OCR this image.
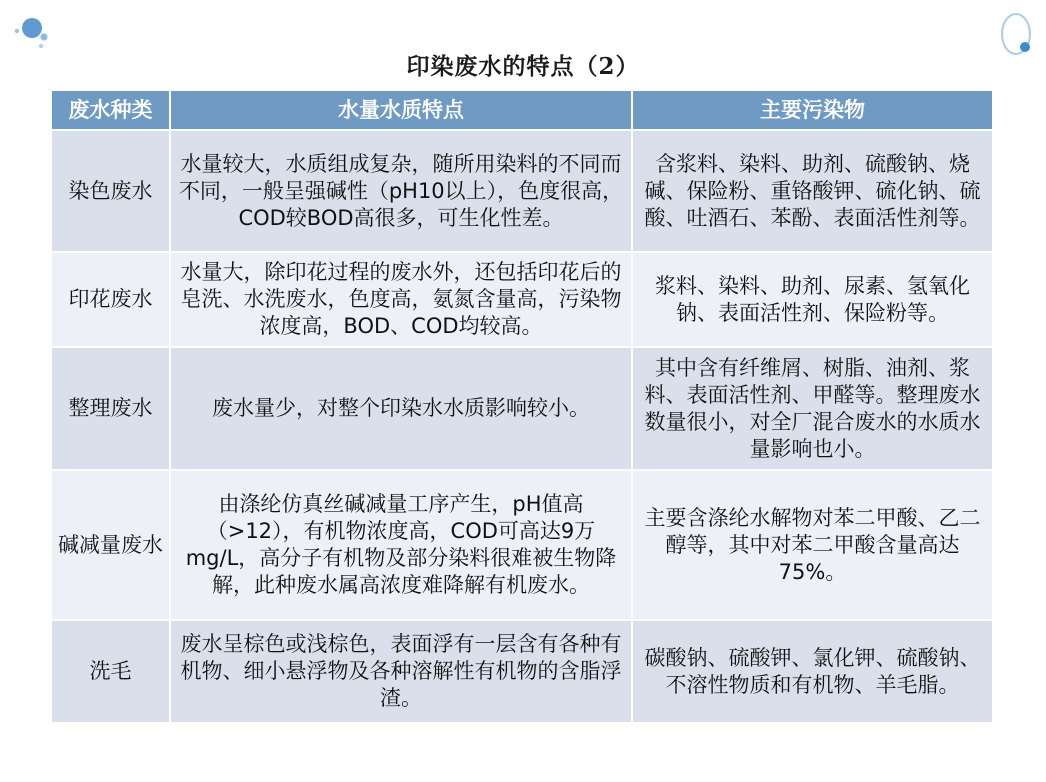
印染废水的特点（2）
废水种类	水量水质特点	主要污染物
染色废水	水量较大，水质组成复杂，随所用染料的不同而不同，一般呈强碱性（pH10以上），色度很高，COD较BOD高很多，可生化性差。	含浆料、染料、助剂、硫酸钠、烧碱、保险粉、重铬酸钾、硫化钠、硫酸、吐酒石、苯酚、表面活性剂等。
印花废水	水量大，除印花过程的废水外，还包括印花后的皂洗、水洗废水，色度高，氨氮含量高，污染物浓度高，BOD、COD均较高。	浆料、染料、助剂、尿素、氢氧化钠、表面活性剂、保险粉等。
整理废水	废水量少，对整个印染水水质影响较小。	其中含有纤维屑、树脂、油剂、浆料、表面活性剂、甲醛等。整理废水数量很小，对全厂混合废水的水质水量影响也小。
碱减量废水	由涤纶仿真丝碱减量工序产生，pH值高（>12），有机物浓度高，COD可高达9万mg/L，高分子有机物及部分染料很难被生物降解，此种废水属高浓度难降解有机废水。	主要含涤纶水解物对苯二甲酸、乙二醇等，其中对苯二甲酸含量高达75%。
洗毛	废水呈棕色或浅棕色，表面浮有一层含有各种有机物、细小悬浮物及各种溶解性有机物的含脂浮渣。	碳酸钠、硫酸钾、氯化钾、硫酸钠、不溶性物质和有机物、羊毛脂。
